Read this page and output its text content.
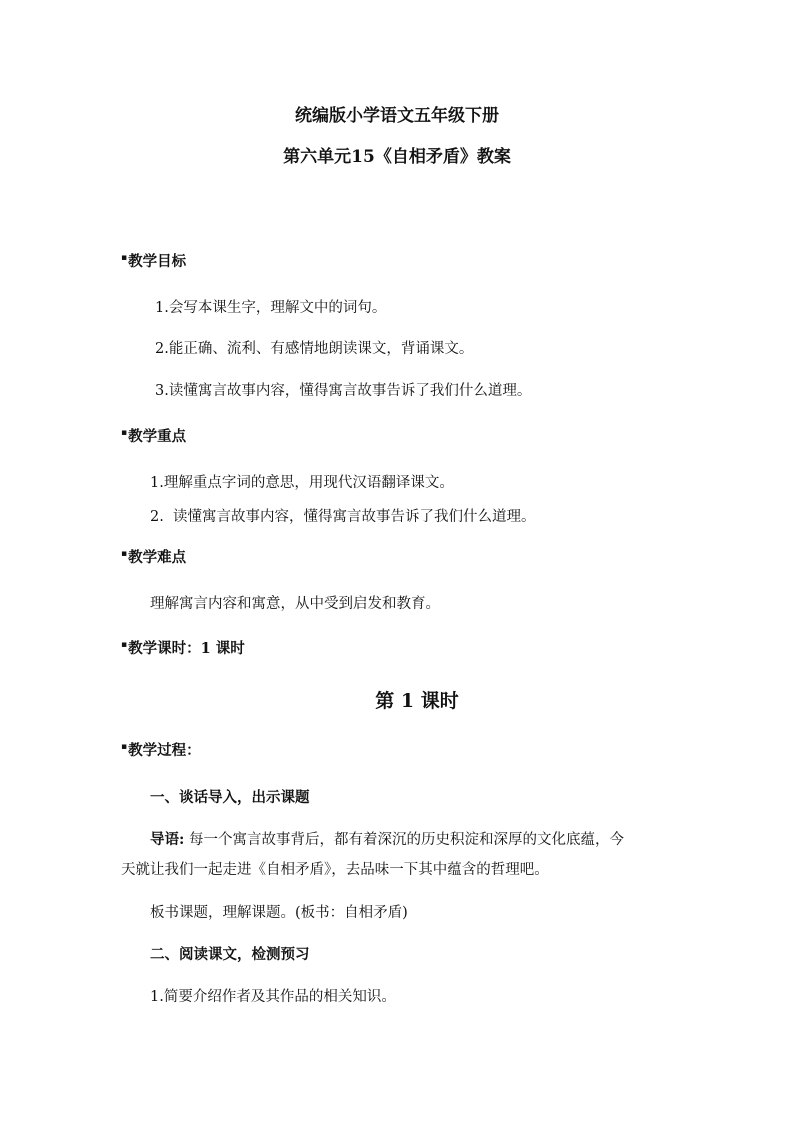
统编版小学语文五年级下册
第六单元15《自相矛盾》教案
▪教学目标
1.会写本课生字，理解文中的词句。
2.能正确、流利、有感情地朗读课文，背诵课文。
3.读懂寓言故事内容，懂得寓言故事告诉了我们什么道理。
▪教学重点
1.理解重点字词的意思，用现代汉语翻译课文。
2.  读懂寓言故事内容，懂得寓言故事告诉了我们什么道理。
▪教学难点
理解寓言内容和寓意，从中受到启发和教育。
▪教学课时：1 课时
第 1 课时
▪教学过程：
一、谈话导入，出示课题
导语: 每一个寓言故事背后，都有着深沉的历史积淀和深厚的文化底蕴，今
天就让我们一起走进《自相矛盾》，去品味一下其中蕴含的哲理吧。
板书课题，理解课题。(板书：自相矛盾)
二、阅读课文，检测预习
1.简要介绍作者及其作品的相关知识。
